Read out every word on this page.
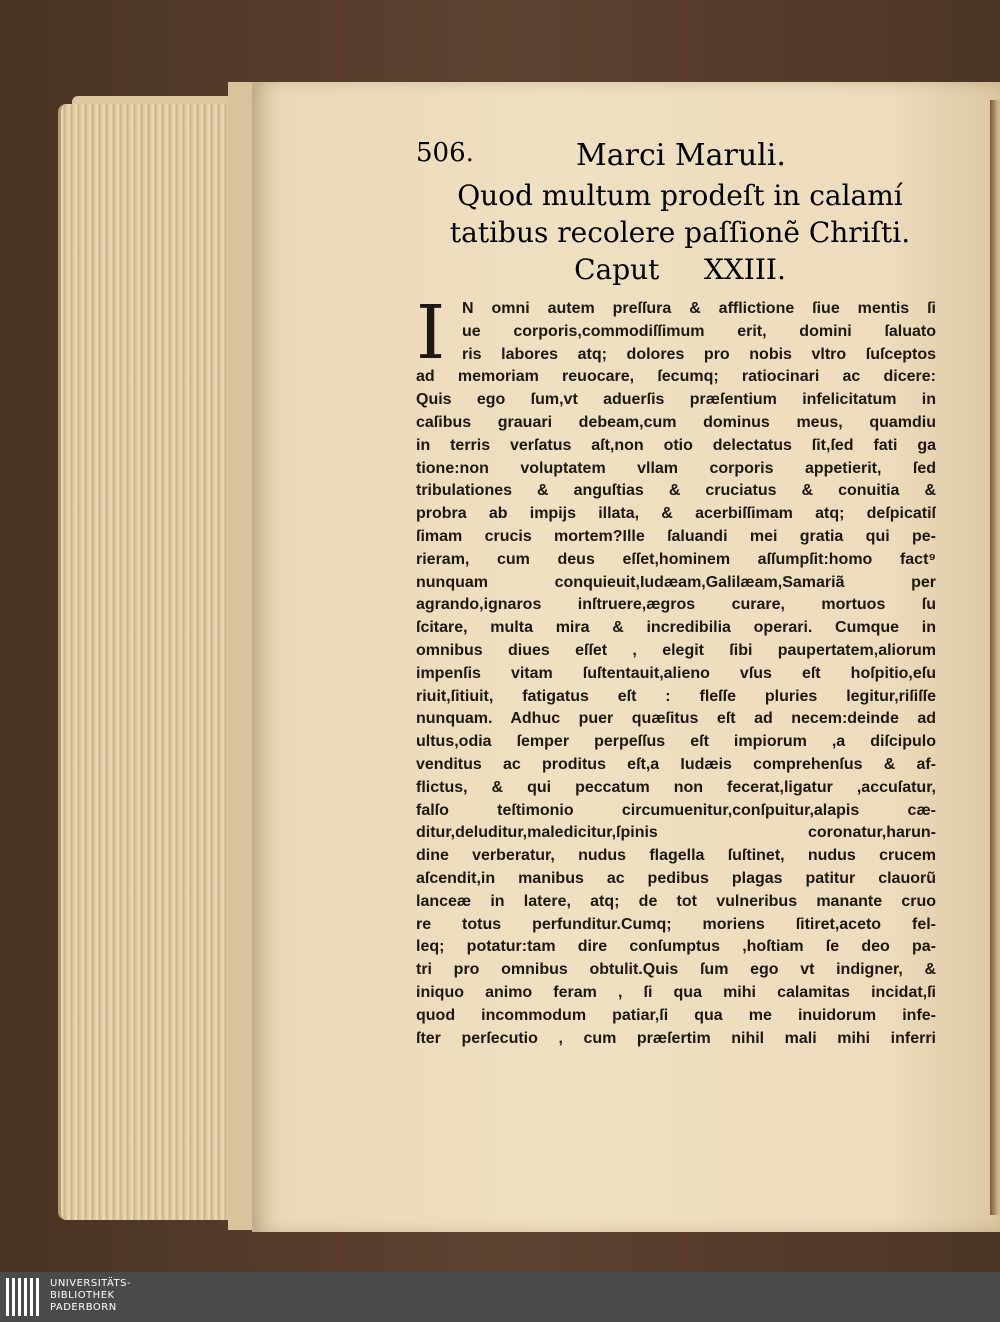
506.	Marci Maruli.
Quod multum prodeſt in calamí
tatibus recolere paſſionẽ Chriſti.
Caput     XXIII.
I	N omni autem preſſura & afflictione ſiue mentis ſi
ue corporis,commodiſſimum erit, domini ſaluato
ris labores atq; dolores pro nobis vltro ſuſceptos
ad memoriam reuocare, ſecumq; ratiocinari ac dicere:
Quis ego ſum,vt aduerſis præſentium infelicitatum in
caſibus grauari debeam,cum dominus meus, quamdiu
in terris verſatus aſt,non otio delectatus ſit,ſed fati ga
tione:non voluptatem vllam corporis appetierit, ſed
tribulationes & anguſtias & cruciatus & conuitia &
probra ab impijs illata, & acerbiſſimam atq; deſpicatiſ
ſimam crucis mortem?Ille ſaluandi mei gratia qui pe-
rieram, cum deus eſſet,hominem aſſumpſit:homo fact⁹
nunquam conquieuit,Iudæam,Galilæam,Samariã per
agrando,ignaros inſtruere,ægros curare, mortuos ſu
ſcitare, multa mira & incredibilia operari. Cumque in
omnibus diues eſſet , elegit ſibi paupertatem,aliorum
impenſis vitam ſuſtentauit,alieno vſus eſt hoſpitio,eſu
riuit,ſitiuit, fatigatus eſt : fleſſe pluries legitur,riſiſſe
nunquam. Adhuc puer quæſitus eſt ad necem:deinde ad
ultus,odia ſemper perpeſſus eſt impiorum ,a diſcipulo
venditus ac proditus eſt,a Iudæis comprehenſus & af-
flictus, & qui peccatum non fecerat,ligatur ,accuſatur,
falſo teſtimonio circumuenitur,conſpuitur,alapis cæ-
ditur,deluditur,maledicitur,ſpinis coronatur,harun-
dine verberatur, nudus flagella ſuſtinet, nudus crucem
aſcendit,in manibus ac pedibus plagas patitur clauorũ
lanceæ in latere, atq; de tot vulneribus manante cruo
re totus perfunditur.Cumq; moriens ſitiret,aceto fel-
leq; potatur:tam dire conſumptus ,hoſtiam ſe deo pa-
tri pro omnibus obtulit.Quis ſum ego vt indigner, &
iniquo animo feram , ſi qua mihi calamitas incidat,ſi
quod incommodum patiar,ſi qua me inuidorum infe-
ſter perſecutio , cum præſertim nihil mali mihi inferri
UNIVERSITÄTS-
BIBLIOTHEK
PADERBORN
